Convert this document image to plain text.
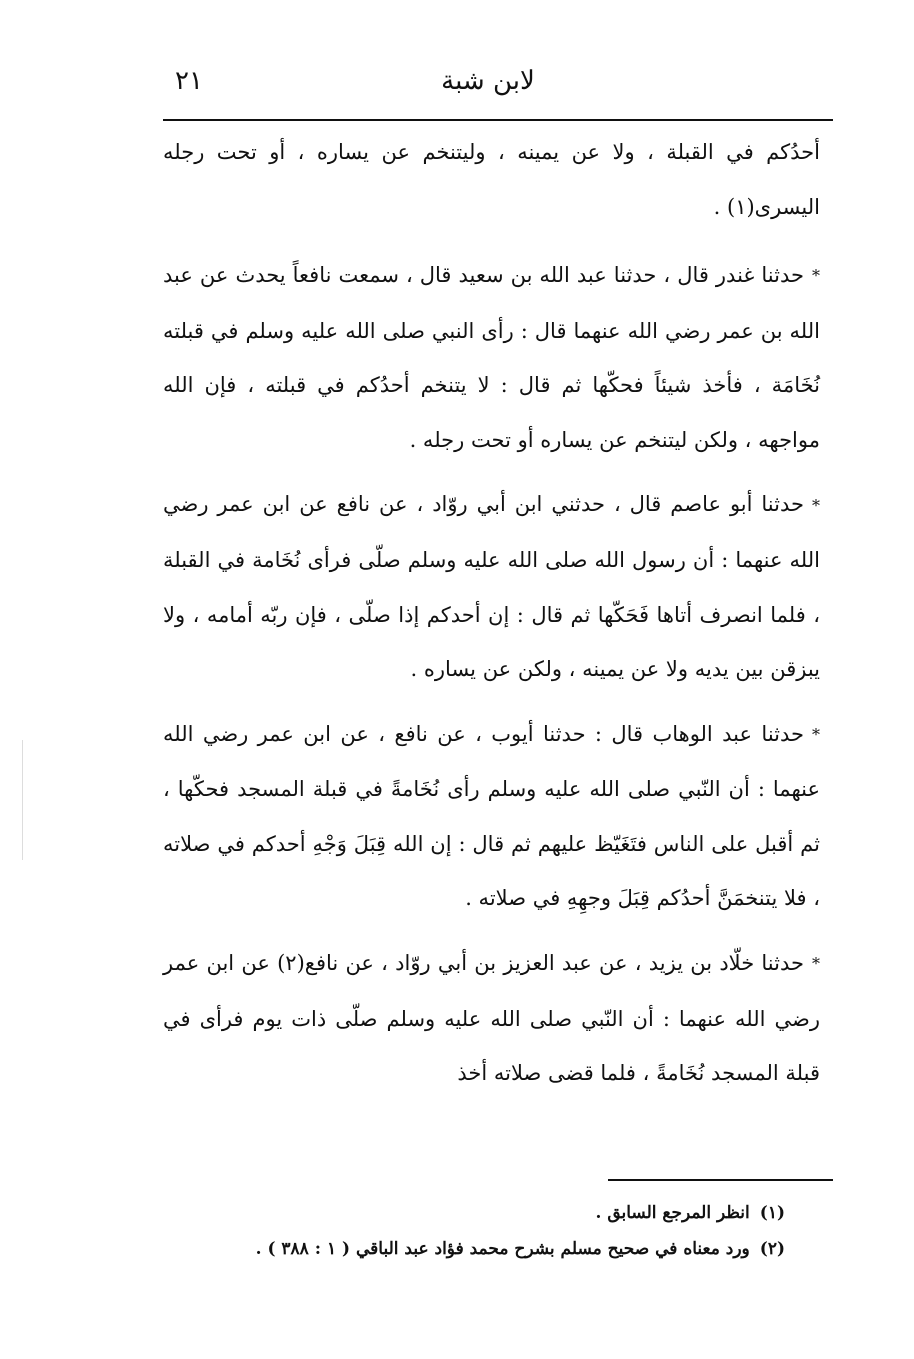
٢١	لابن شبة

أحدُكم في القبلة ، ولا عن يمينه ، وليتنخم عن يساره ، أو تحت رجله اليسرى(١) .

*حدثنا غندر قال ، حدثنا عبد الله بن سعيد قال ، سمعت نافعاً يحدث عن عبد الله بن عمر رضي الله عنهما قال : رأى النبي صلى الله عليه وسلم في قبلته نُخَامَة ، فأخذ شيئاً فحكّها ثم قال : لا يتنخم أحدُكم في قبلته ، فإن الله مواجهه ، ولكن ليتنخم عن يساره أو تحت رجله .

*حدثنا أبو عاصم قال ، حدثني ابن أبي روّاد ، عن نافع عن ابن عمر رضي الله عنهما : أن رسول الله صلى الله عليه وسلم صلّى فرأى نُخَامة في القبلة ، فلما انصرف أتاها فَحَكّها ثم قال : إن أحدكم إذا صلّى ، فإن ربّه أمامه ، ولا يبزقن بين يديه ولا عن يمينه ، ولكن عن يساره .

*حدثنا عبد الوهاب قال : حدثنا أيوب ، عن نافع ، عن ابن عمر رضي الله عنهما : أن النّبي صلى الله عليه وسلم رأى نُخَامةً في قبلة المسجد فحكّها ، ثم أقبل على الناس فتَغَيّظ عليهم ثم قال : إن الله قِبَلَ وَجْهِ أحدكم في صلاته ، فلا يتنخمَنَّ أحدُكم قِبَلَ وجهِهِ في صلاته .

*حدثنا خلّاد بن يزيد ، عن عبد العزيز بن أبي روّاد ، عن نافع(٢) عن ابن عمر رضي الله عنهما : أن النّبي صلى الله عليه وسلم صلّى ذات يوم فرأى في قبلة المسجد نُخَامةً ، فلما قضى صلاته أخذ

(١)انظر المرجع السابق .

(٢)ورد معناه في صحيح مسلم بشرح محمد فؤاد عبد الباقي ( ١ : ٣٨٨ ) .
